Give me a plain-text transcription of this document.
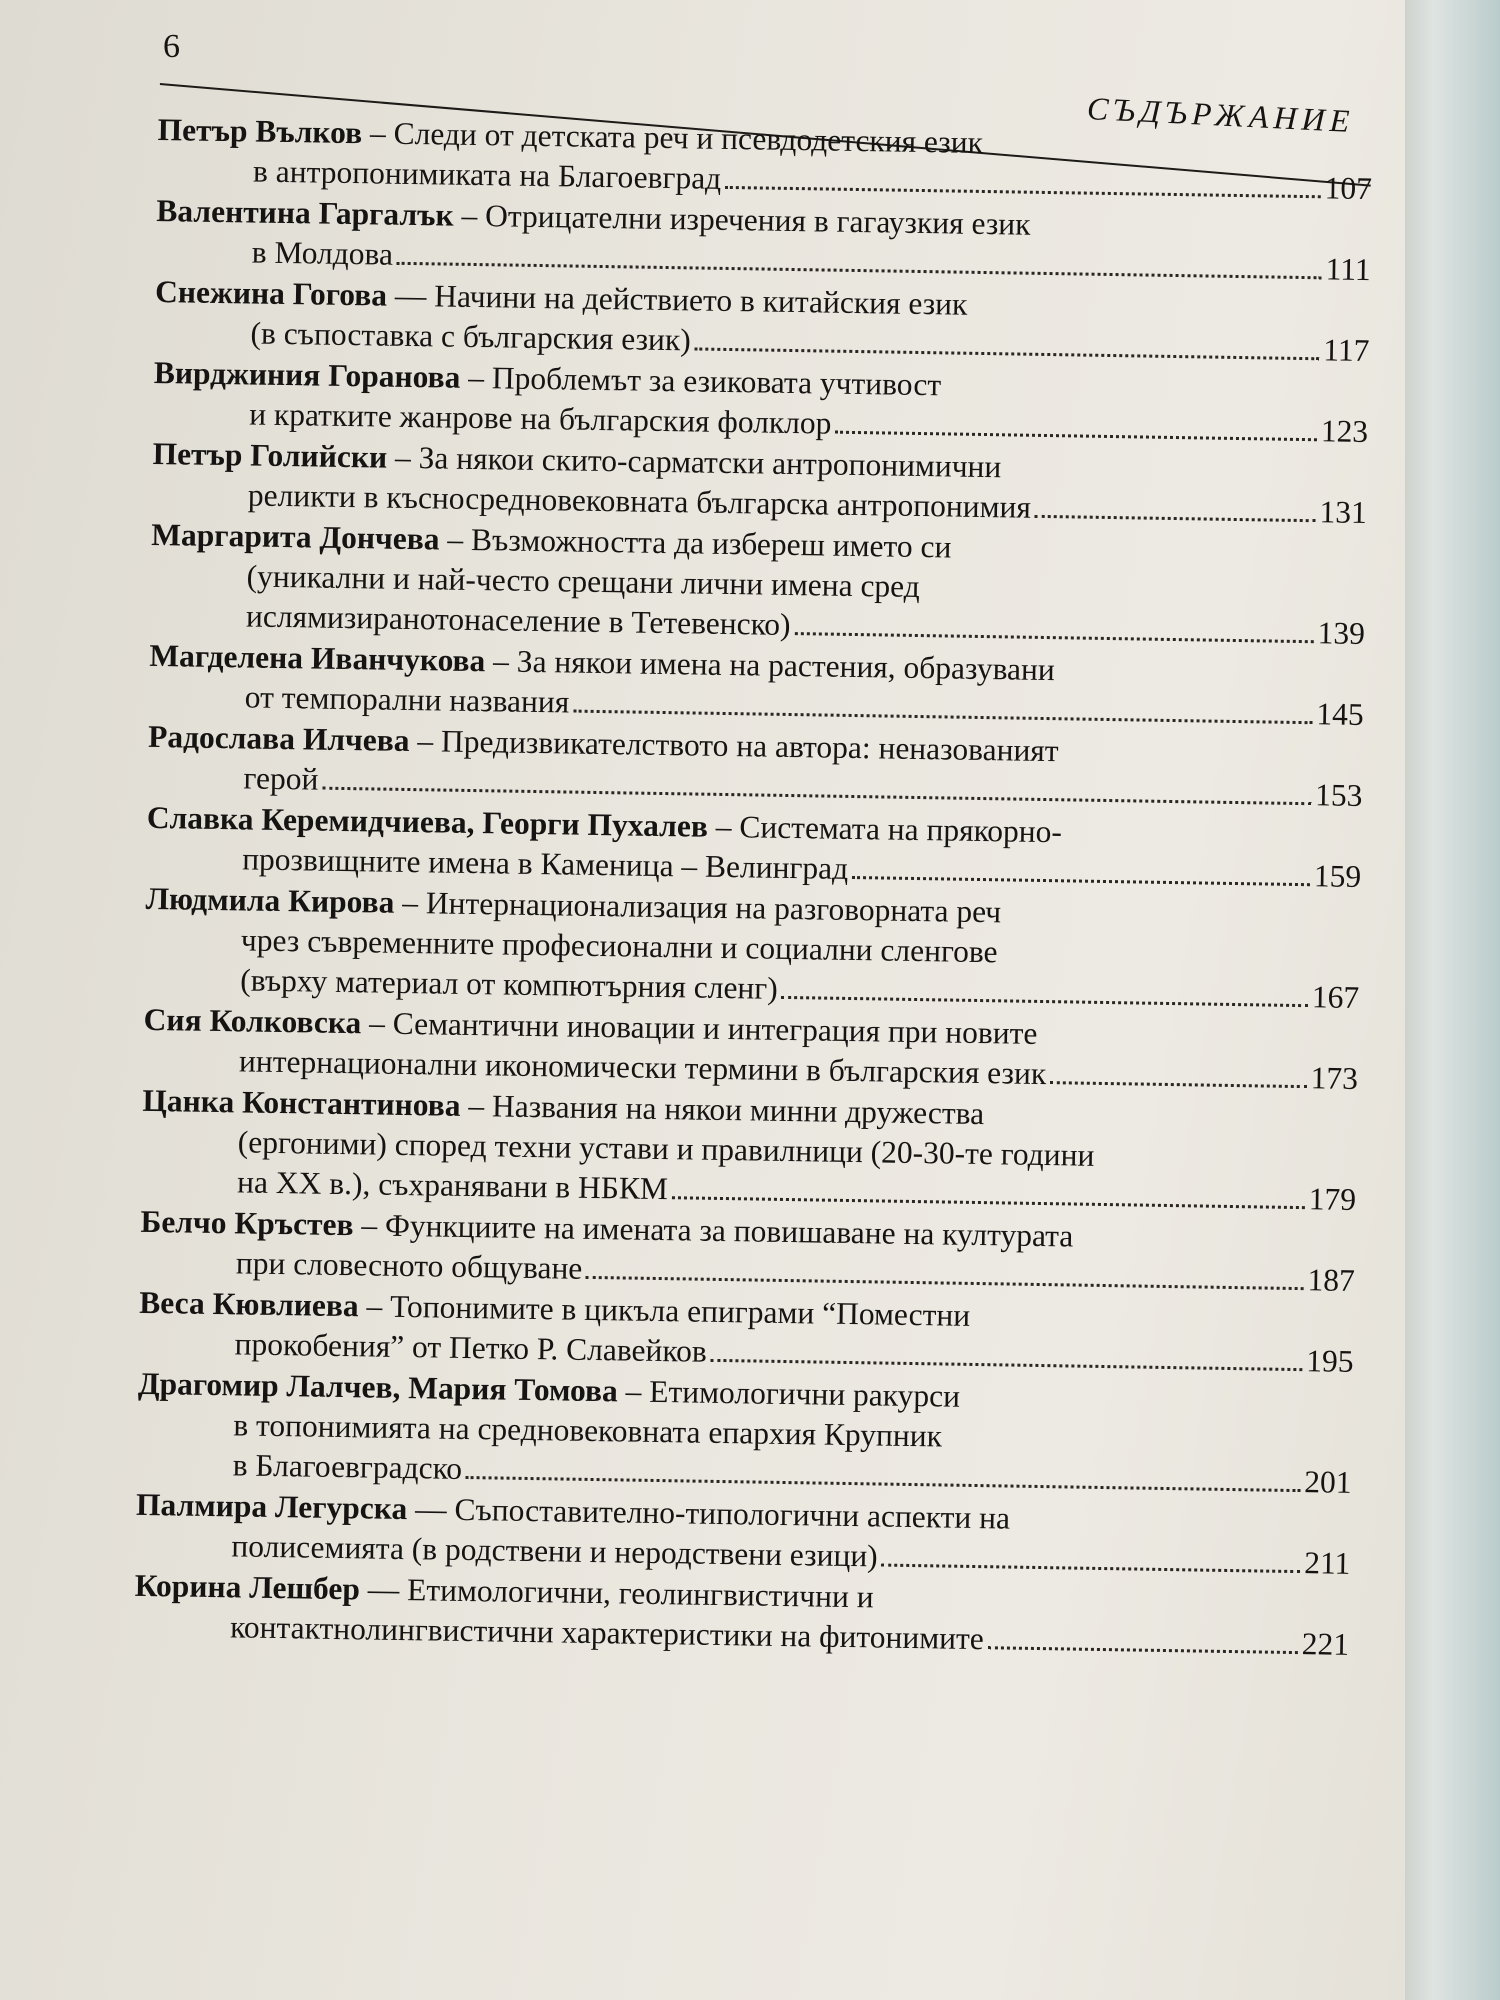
6
СЪДЪРЖАНИЕ
Петър Вълков – Следи от детската реч и псевдодетския език
в антропонимиката на Благоевград	107
Валентина Гаргалък – Отрицателни изречения в гагаузкия език
в Молдова	111
Снежина Гогова — Начини на действието в китайския език
(в съпоставка с българския език)	117
Вирджиния Горанова – Проблемът за езиковата учтивост
и кратките жанрове на българския фолклор	123
Петър Голийски – За някои скито-сарматски антропонимични
реликти в късносредновековната българска антропонимия	131
Маргарита Дончева – Възможността да избереш името си
(уникални и най-често срещани лични имена сред
ислямизиранотонаселение в Тетевенско)	139
Магделена Иванчукова – За някои имена на растения, образувани
от темпорални названия	145
Радослава Илчева – Предизвикателството на автора: неназованият
герой	153
Славка Керемидчиева, Георги Пухалев – Системата на прякорно-
прозвищните имена в Каменица – Велинград	159
Людмила Кирова – Интернационализация на разговорната реч
чрез съвременните професионални и социални сленгове
(върху материал от компютърния сленг)	167
Сия Колковска – Семантични иновации и интеграция при новите
интернационални икономически термини в българския език	173
Цанка Константинова – Названия на някои минни дружества
(ергоними) според техни устави и правилници (20-30-те години
на XX в.), съхранявани в НБКМ	179
Белчо Кръстев – Функциите на имената за повишаване на културата
при словесното общуване	187
Веса Кювлиева – Топонимите в цикъла епиграми “Поместни
прокобения” от Петко Р. Славейков	195
Драгомир Лалчев, Мария Томова – Етимологични ракурси
в топонимията на средновековната епархия Крупник
в Благоевградско	201
Палмира Легурска — Съпоставително-типологични аспекти на
полисемията (в родствени и неродствени езици)	211
Корина Лешбер — Етимологични, геолингвистични и
контактнолингвистични характеристики на фитонимите	221
